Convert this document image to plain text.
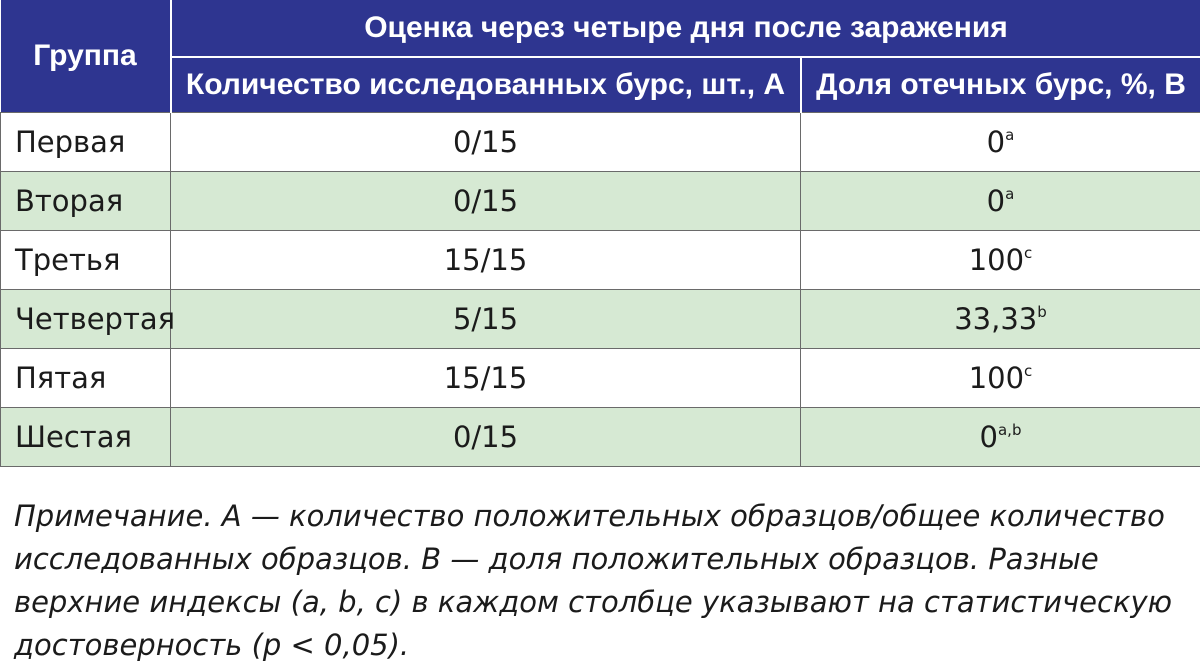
Группа	Оценка через четыре дня после заражения	
	Количество исследованных бурс, шт., A	Доля отечных бурс, %, B
Первая	0/15	0$^a$
Вторая	0/15	0$^a$
Третья	15/15	100$^c$
Четвертая	5/15	33,33$^b$
Пятая	15/15	100$^c$
Шестая	0/15	0$^{a,b}$

Примечание. A — количество положительных образцов/общее количество исследованных образцов. B — доля положительных образцов. Разные верхние индексы (a, b, c) в каждом столбце указывают на статистическую достоверность (p < 0,05).
